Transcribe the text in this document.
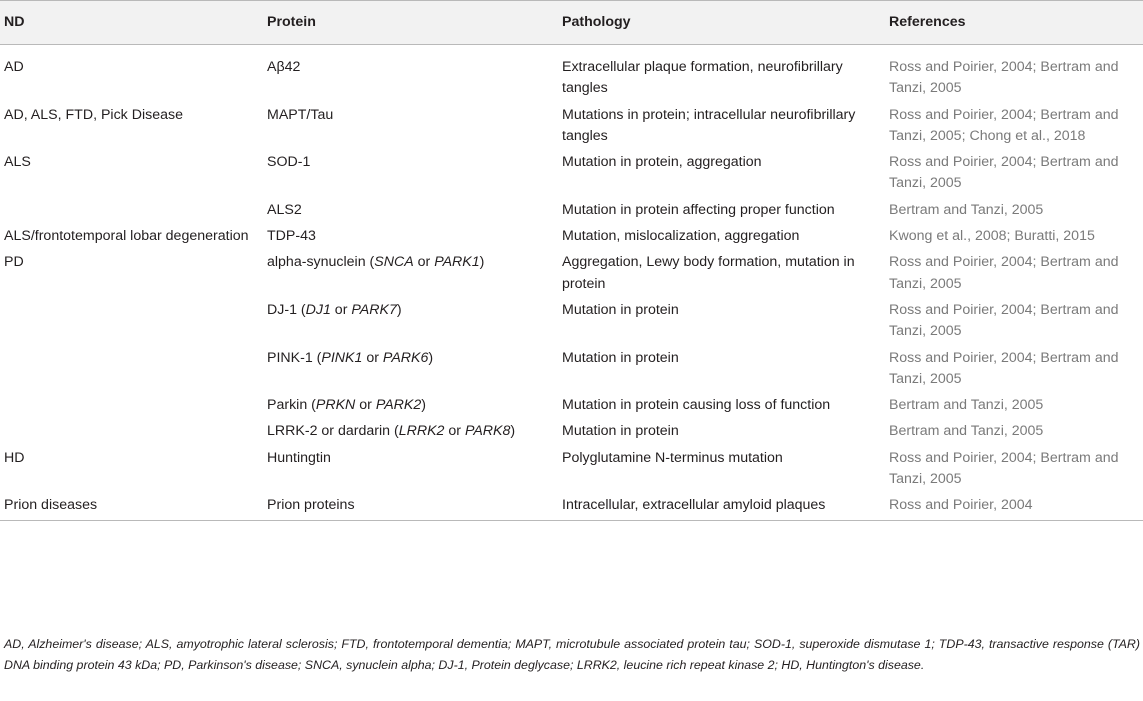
ND	Protein	Pathology	References
AD	Aβ42	Extracellular plaque formation, neurofibrillary tangles	Ross and Poirier, 2004; Bertram and Tanzi, 2005
AD, ALS, FTD, Pick Disease	MAPT/Tau	Mutations in protein; intracellular neurofibrillary tangles	Ross and Poirier, 2004; Bertram and Tanzi, 2005; Chong et al., 2018
ALS	SOD-1	Mutation in protein, aggregation	Ross and Poirier, 2004; Bertram and Tanzi, 2005
	ALS2	Mutation in protein affecting proper function	Bertram and Tanzi, 2005
ALS/frontotemporal lobar degeneration	TDP-43	Mutation, mislocalization, aggregation	Kwong et al., 2008; Buratti, 2015
PD	alpha-synuclein (SNCA or PARK1)	Aggregation, Lewy body formation, mutation in protein	Ross and Poirier, 2004; Bertram and Tanzi, 2005
	DJ-1 (DJ1 or PARK7)	Mutation in protein	Ross and Poirier, 2004; Bertram and Tanzi, 2005
	PINK-1 (PINK1 or PARK6)	Mutation in protein	Ross and Poirier, 2004; Bertram and Tanzi, 2005
	Parkin (PRKN or PARK2)	Mutation in protein causing loss of function	Bertram and Tanzi, 2005
	LRRK-2 or dardarin (LRRK2 or PARK8)	Mutation in protein	Bertram and Tanzi, 2005
HD	Huntingtin	Polyglutamine N-terminus mutation	Ross and Poirier, 2004; Bertram and Tanzi, 2005
Prion diseases	Prion proteins	Intracellular, extracellular amyloid plaques	Ross and Poirier, 2004
AD, Alzheimer's disease; ALS, amyotrophic lateral sclerosis; FTD, frontotemporal dementia; MAPT, microtubule associated protein tau; SOD-1, superoxide dismutase 1; TDP-43, transactive response (TAR) DNA binding protein 43 kDa; PD, Parkinson's disease; SNCA, synuclein alpha; DJ-1, Protein deglycase; LRRK2, leucine rich repeat kinase 2; HD, Huntington's disease.
